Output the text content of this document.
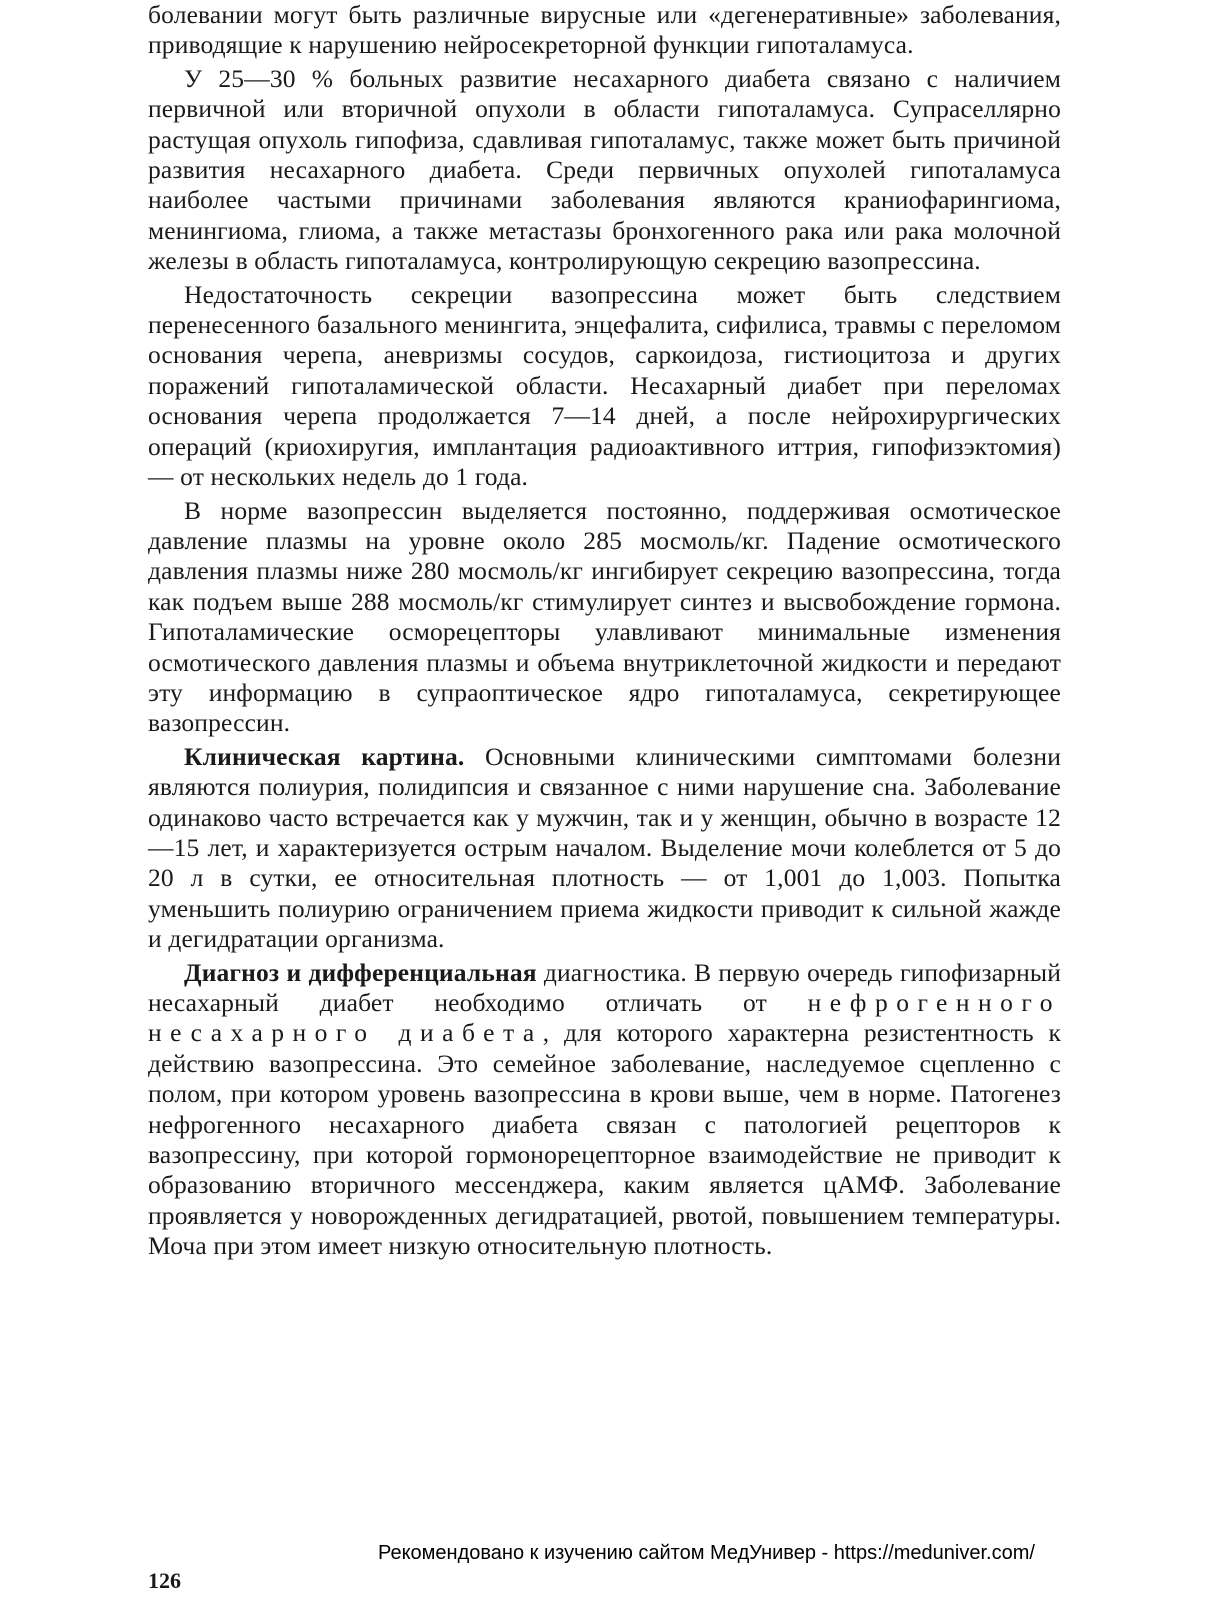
болевании могут быть различные вирусные или «дегенеративные» заболевания, приводящие к нарушению нейросекреторной функции гипоталамуса.

У 25—30 % больных развитие несахарного диабета связано с наличием первичной или вторичной опухоли в области гипоталамуса. Супраселлярно растущая опухоль гипофиза, сдавливая гипоталамус, также может быть причиной развития несахарного диабета. Среди первичных опухолей гипоталамуса наиболее частыми причинами заболевания являются краниофарингиома, менингиома, глиома, а также метастазы бронхогенного рака или рака молочной железы в область гипоталамуса, контролирующую секрецию вазопрессина.

Недостаточность секреции вазопрессина может быть следствием перенесенного базального менингита, энцефалита, сифилиса, травмы с переломом основания черепа, аневризмы сосудов, саркоидоза, гистиоцитоза и других поражений гипоталамической области. Несахарный диабет при переломах основания черепа продолжается 7—14 дней, а после нейрохирургических операций (криохиругия, имплантация радиоактивного иттрия, гипофизэктомия) — от нескольких недель до 1 года.

В норме вазопрессин выделяется постоянно, поддерживая осмотическое давление плазмы на уровне около 285 мосмоль/кг. Падение осмотического давления плазмы ниже 280 мосмоль/кг ингибирует секрецию вазопрессина, тогда как подъем выше 288 мосмоль/кг стимулирует синтез и высвобождение гормона. Гипоталамические осморецепторы улавливают минимальные изменения осмотического давления плазмы и объема внутриклеточной жидкости и передают эту информацию в супраоптическое ядро гипоталамуса, секретирующее вазопрессин.

Клиническая картина. Основными клиническими симптомами болезни являются полиурия, полидипсия и связанное с ними нарушение сна. Заболевание одинаково часто встречается как у мужчин, так и у женщин, обычно в возрасте 12—15 лет, и характеризуется острым началом. Выделение мочи колеблется от 5 до 20 л в сутки, ее относительная плотность — от 1,001 до 1,003. Попытка уменьшить полиурию ограничением приема жидкости приводит к сильной жажде и дегидратации организма.

Диагноз и дифференциальная диагностика. В первую очередь гипофизарный несахарный диабет необходимо отличать от нефрогенного несахарного диабета, для которого характерна резистентность к действию вазопрессина. Это семейное заболевание, наследуемое сцепленно с полом, при котором уровень вазопрессина в крови выше, чем в норме. Патогенез нефрогенного несахарного диабета связан с патологией рецепторов к вазопрессину, при которой гормонорецепторное взаимодействие не приводит к образованию вторичного мессенджера, каким является цАМФ. Заболевание проявляется у новорожденных дегидратацией, рвотой, повышением температуры. Моча при этом имеет низкую относительную плотность.

Рекомендовано к изучению сайтом МедУнивер - https://meduniver.com/
126
